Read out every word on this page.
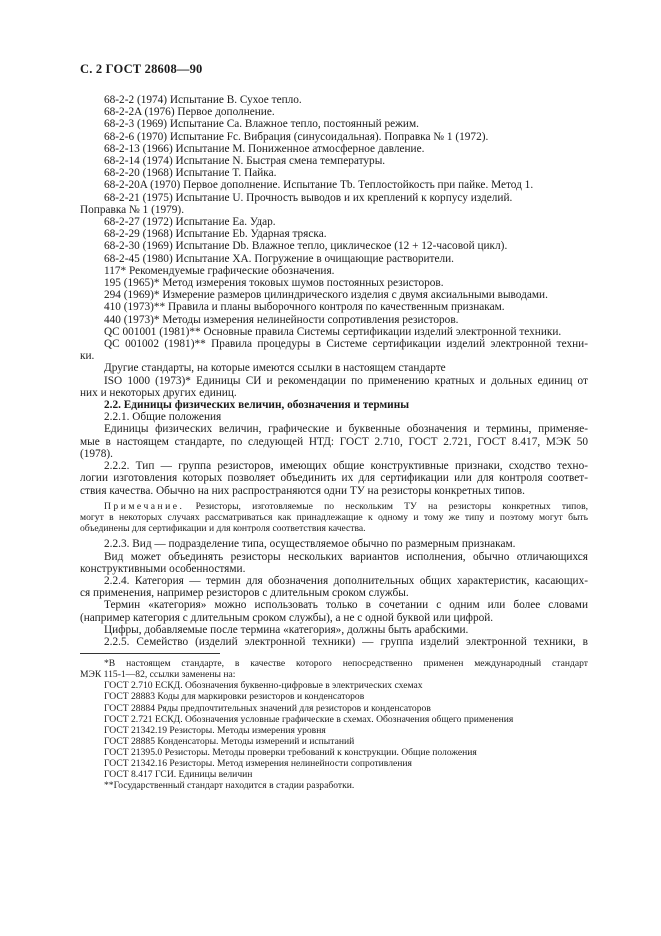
С. 2 ГОСТ 28608—90
68-2-2 (1974) Испытание B. Сухое тепло.
68-2-2A (1976) Первое дополнение.
68-2-3 (1969) Испытание Ca. Влажное тепло, постоянный режим.
68-2-6 (1970) Испытание Fc. Вибрация (синусоидальная). Поправка № 1 (1972).
68-2-13 (1966) Испытание M. Пониженное атмосферное давление.
68-2-14 (1974) Испытание N. Быстрая смена температуры.
68-2-20 (1968) Испытание T. Пайка.
68-2-20A (1970) Первое дополнение. Испытание Tb. Теплостойкость при пайке. Метод 1.
68-2-21 (1975) Испытание U. Прочность выводов и их креплений к корпусу изделий.
Поправка № 1 (1979).
68-2-27 (1972) Испытание Ea. Удар.
68-2-29 (1968) Испытание Eb. Ударная тряска.
68-2-30 (1969) Испытание Db. Влажное тепло, циклическое (12 + 12-часовой цикл).
68-2-45 (1980) Испытание XA. Погружение в очищающие растворители.
117* Рекомендуемые графические обозначения.
195 (1965)* Метод измерения токовых шумов постоянных резисторов.
294 (1969)* Измерение размеров цилиндрического изделия с двумя аксиальными выводами.
410 (1973)** Правила и планы выборочного контроля по качественным признакам.
440 (1973)* Методы измерения нелинейности сопротивления резисторов.
QC 001001 (1981)** Основные правила Системы сертификации изделий электронной техники.
QC 001002 (1981)** Правила процедуры в Системе сертификации изделий электронной техни-
ки.
Другие стандарты, на которые имеются ссылки в настоящем стандарте
ISO 1000 (1973)* Единицы СИ и рекомендации по применению кратных и дольных единиц от
них и некоторых других единиц.
2.2. Единицы физических величин, обозначения и термины
2.2.1. Общие положения
Единицы физических величин, графические и буквенные обозначения и термины, применяе-
мые в настоящем стандарте, по следующей НТД: ГОСТ 2.710, ГОСТ 2.721, ГОСТ 8.417, МЭК 50
(1978).
2.2.2. Тип — группа резисторов, имеющих общие конструктивные признаки, сходство техно-
логии изготовления которых позволяет объединить их для сертификации или для контроля соответ-
ствия качества. Обычно на них распространяются одни ТУ на резисторы конкретных типов.
Примечание. Резисторы, изготовляемые по нескольким ТУ на резисторы конкретных типов,
могут в некоторых случаях рассматриваться как принадлежащие к одному и тому же типу и поэтому могут быть
объединены для сертификации и для контроля соответствия качества.
2.2.3. Вид — подразделение типа, осуществляемое обычно по размерным признакам.
Вид может объединять резисторы нескольких вариантов исполнения, обычно отличающихся
конструктивными особенностями.
2.2.4. Категория — термин для обозначения дополнительных общих характеристик, касающих-
ся применения, например резисторов с длительным сроком службы.
Термин «категория» можно использовать только в сочетании с одним или более словами
(например категория с длительным сроком службы), а не с одной буквой или цифрой.
Цифры, добавляемые после термина «категория», должны быть арабскими.
2.2.5. Семейство (изделий электронной техники) — группа изделий электронной техники, в
*В настоящем стандарте, в качестве которого непосредственно применен международный стандарт
МЭК 115-1—82, ссылки заменены на:
ГОСТ 2.710 ЕСКД. Обозначения буквенно-цифровые в электрических схемах
ГОСТ 28883 Коды для маркировки резисторов и конденсаторов
ГОСТ 28884 Ряды предпочтительных значений для резисторов и конденсаторов
ГОСТ 2.721 ЕСКД. Обозначения условные графические в схемах. Обозначения общего применения
ГОСТ 21342.19 Резисторы. Методы измерения уровня
ГОСТ 28885 Конденсаторы. Методы измерений и испытаний
ГОСТ 21395.0 Резисторы. Методы проверки требований к конструкции. Общие положения
ГОСТ 21342.16 Резисторы. Метод измерения нелинейности сопротивления
ГОСТ 8.417 ГСИ. Единицы величин
**Государственный стандарт находится в стадии разработки.
